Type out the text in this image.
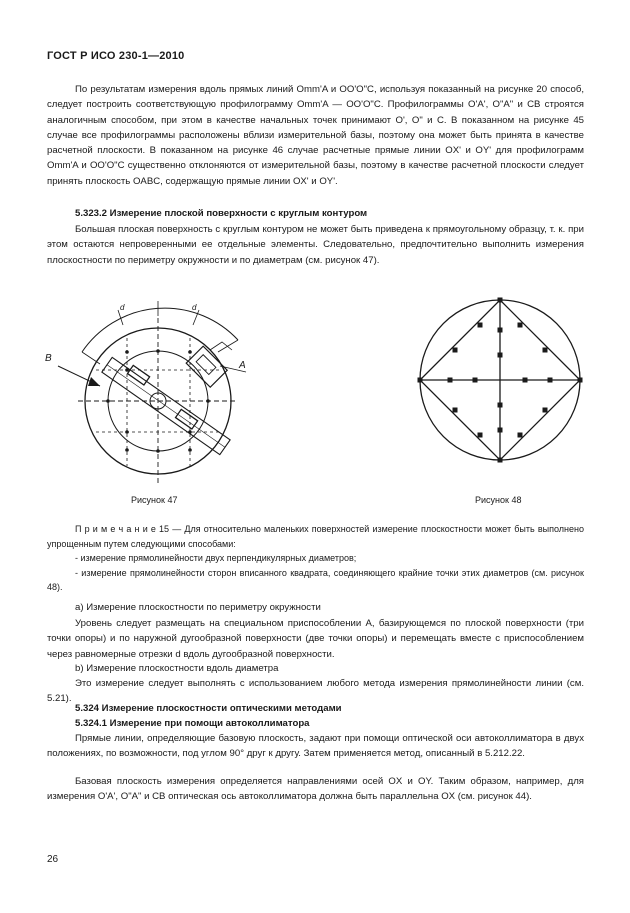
ГОСТ Р ИСО 230-1—2010
По результатам измерения вдоль прямых линий Omm'A и OO'O"C, используя показанный на рисунке 20 способ, следует построить соответствующую профилограмму Omm'A — OO'O"C. Профилограммы O'A', O"A" и CB строятся аналогичным способом, при этом в качестве начальных точек принимают O', O" и C. В показанном на рисунке 45 случае все профилограммы расположены вблизи измерительной базы, поэтому она может быть принята в качестве расчетной плоскости. В показанном на рисунке 46 случае расчетные прямые линии OX' и OY' для профилограмм Omm'A и OO'O"C существенно отклоняются от измерительной базы, поэтому в качестве расчетной плоскости следует принять плоскость OABC, содержащую прямые линии OX' и OY'.
5.323.2 Измерение плоской поверхности с круглым контуром
Большая плоская поверхность с круглым контуром не может быть приведена к прямоугольному образцу, т. к. при этом остаются непроверенными ее отдельные элементы. Следовательно, предпочтительно выполнить измерения плоскостности по периметру окружности и по диаметрам (см. рисунок 47).
A
B
d	d
Рисунок 47	Рисунок 48
П р и м е ч а н и е 15 — Для относительно маленьких поверхностей измерение плоскостности может быть выполнено упрощенным путем следующими способами:
- измерение прямолинейности двух перпендикулярных диаметров;
- измерение прямолинейности сторон вписанного квадрата, соединяющего крайние точки этих диаметров (см. рисунок 48).
а) Измерение плоскостности по периметру окружности
Уровень следует размещать на специальном приспособлении A, базирующемся по плоской поверхности (три точки опоры) и по наружной дугообразной поверхности (две точки опоры) и перемещать вместе с приспособлением через равномерные отрезки d вдоль дугообразной поверхности.
b) Измерение плоскостности вдоль диаметра
Это измерение следует выполнять с использованием любого метода измерения прямолинейности линии (см. 5.21).
5.324 Измерение плоскостности оптическими методами
5.324.1 Измерение при помощи автоколлиматора
Прямые линии, определяющие базовую плоскость, задают при помощи оптической оси автоколлиматора в двух положениях, по возможности, под углом 90° друг к другу. Затем применяется метод, описанный в 5.212.22.
Базовая плоскость измерения определяется направлениями осей OX и OY. Таким образом, например, для измерения O'A', O"A" и CB оптическая ось автоколлиматора должна быть параллельна OX (см. рисунок 44).
26
